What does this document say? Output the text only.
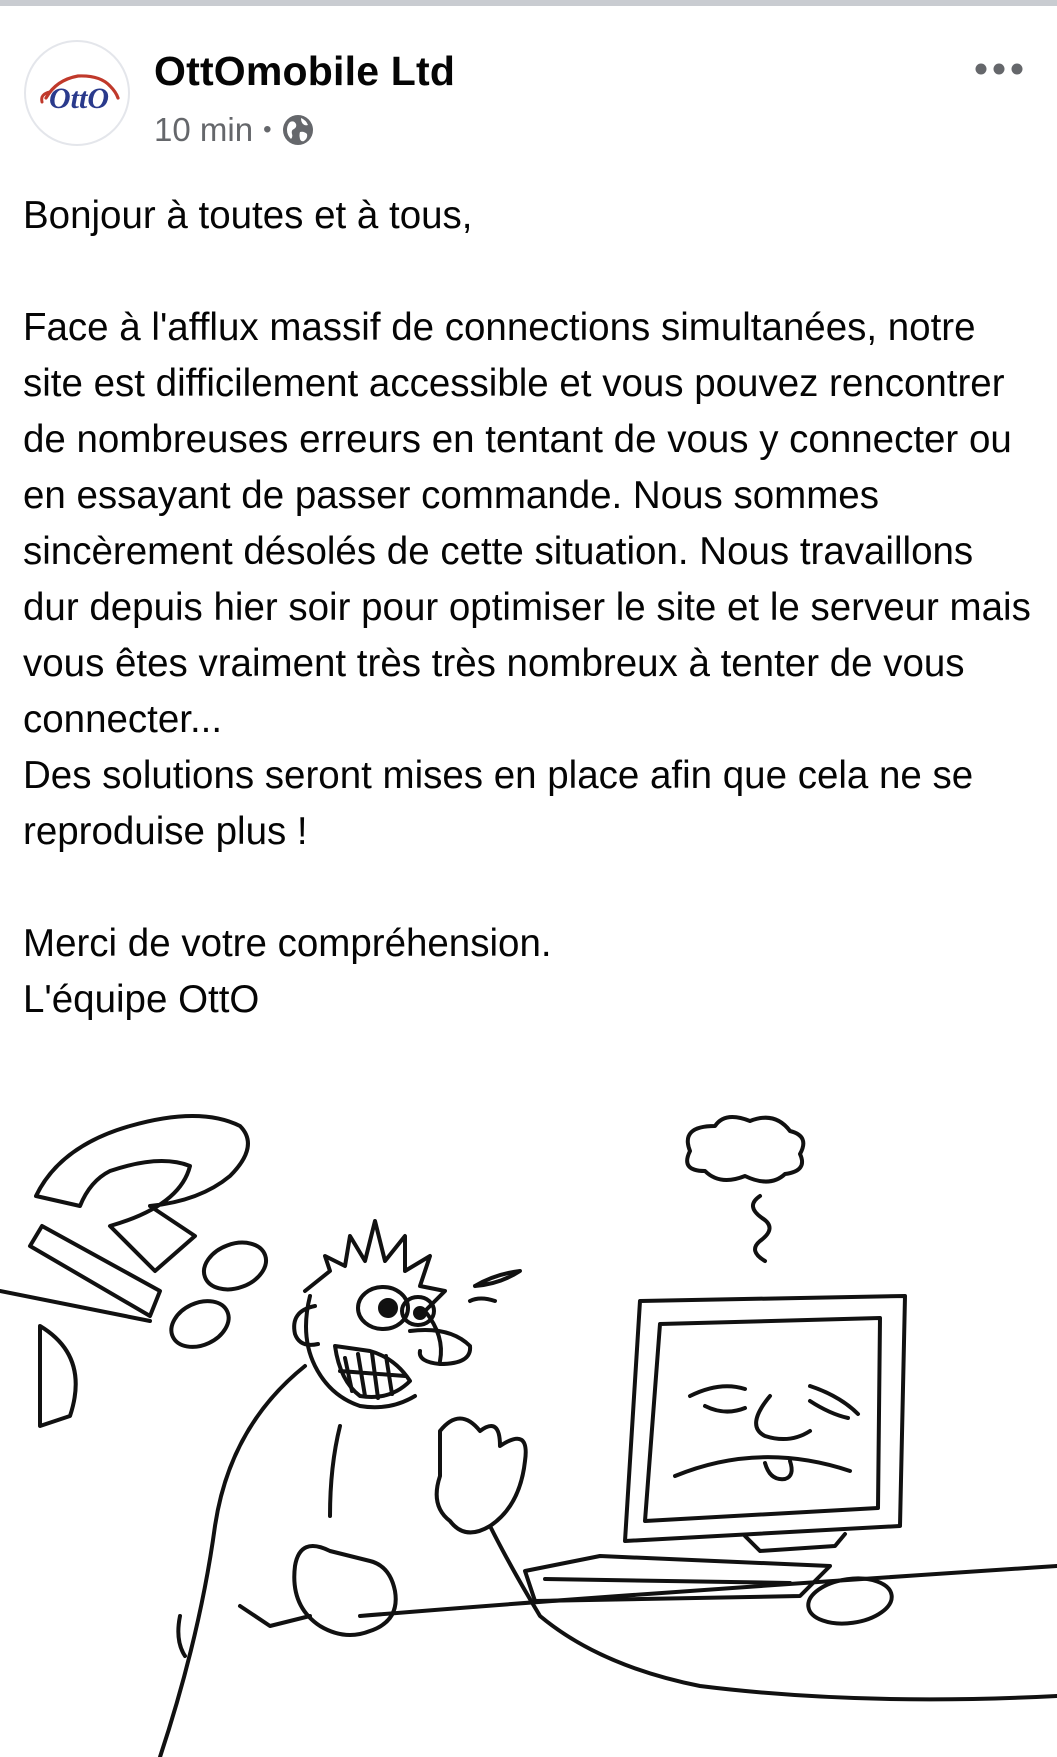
OttO
OttOmobile Ltd
10 min •
Bonjour à toutes et à tous,

Face à l'afflux massif de connections simultanées, notre site est difficilement accessible et vous pouvez rencontrer de nombreuses erreurs en tentant de vous y connecter ou en essayant de passer commande. Nous sommes sincèrement désolés de cette situation. Nous travaillons dur depuis hier soir pour optimiser le site et le serveur mais vous êtes vraiment très très nombreux à tenter de vous connecter...
Des solutions seront mises en place afin que cela ne se reproduise plus !

Merci de votre compréhension.
L'équipe OttO
